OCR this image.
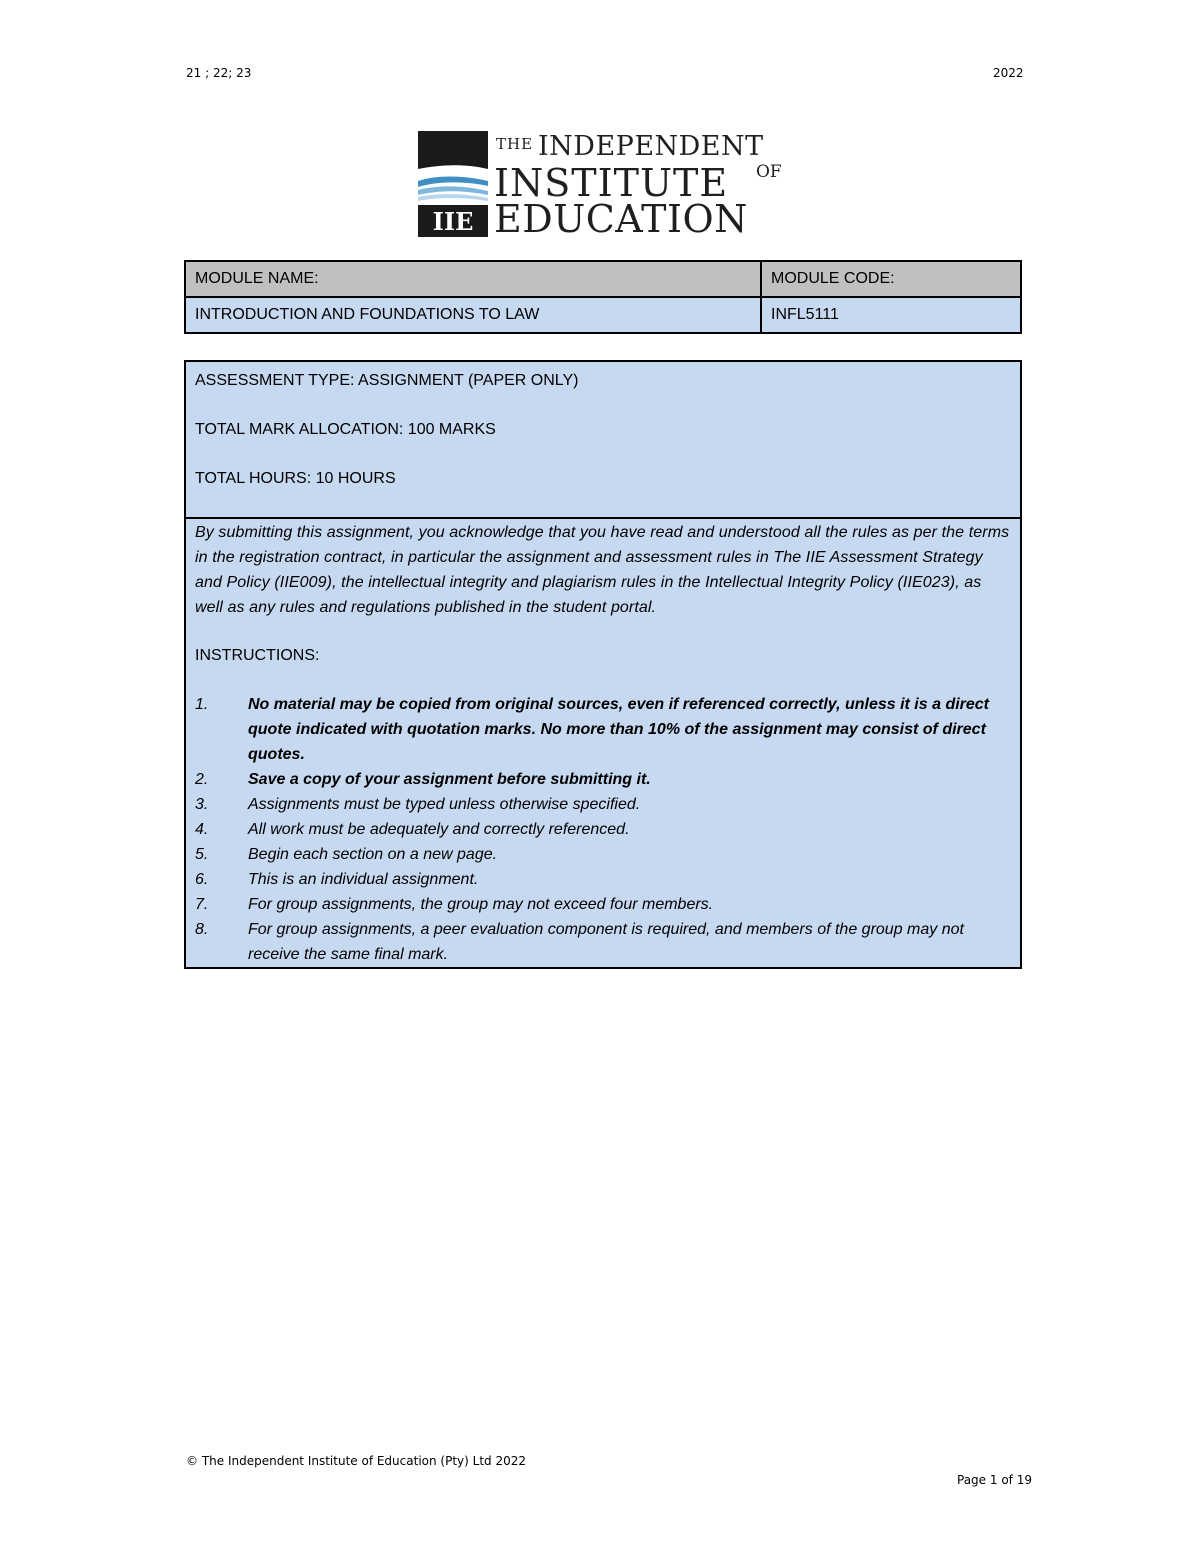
21 ; 22; 23	2022
IIE
THE INDEPENDENT
INSTITUTE OF
EDUCATION
MODULE NAME:	MODULE CODE:
INTRODUCTION AND FOUNDATIONS TO LAW	INFL5111

ASSESSMENT TYPE: ASSIGNMENT (PAPER ONLY)

TOTAL MARK ALLOCATION: 100 MARKS

TOTAL HOURS: 10 HOURS

By submitting this assignment, you acknowledge that you have read and understood all the rules as per the terms in the registration contract, in particular the assignment and assessment rules in The IIE Assessment Strategy and Policy (IIE009), the intellectual integrity and plagiarism rules in the Intellectual Integrity Policy (IIE023), as well as any rules and regulations published in the student portal.

INSTRUCTIONS:

1. No material may be copied from original sources, even if referenced correctly, unless it is a direct quote indicated with quotation marks. No more than 10% of the assignment may consist of direct quotes.
2. Save a copy of your assignment before submitting it.
3. Assignments must be typed unless otherwise specified.
4. All work must be adequately and correctly referenced.
5. Begin each section on a new page.
6. This is an individual assignment.
7. For group assignments, the group may not exceed four members.
8. For group assignments, a peer evaluation component is required, and members of the group may not receive the same final mark.
© The Independent Institute of Education (Pty) Ltd 2022
Page 1 of 19
